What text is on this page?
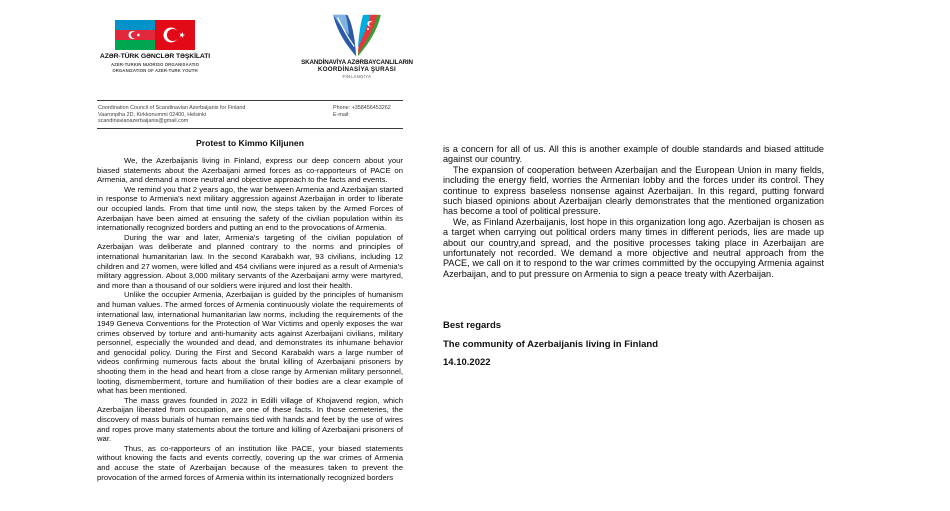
AZƏR-TÜRK GƏNCLƏR TƏŞKİLATI
AZER-TURKIN NUORISO ORGANISAATIO
ORGANIZATION OF AZER-TURK YOUTH
SKANDİNAVİYA AZƏRBAYCANLILARIN
KOORDİNASİYA ŞURASI
FİNLANDİYA
Coordination Council of Scandinavian Azerbaijanis for Finland
Vaaronpiha 2D, Kirkkonummi 02400, Helsinki
scandinavianazerbaijanis@gmail.com
Phone: +358456453262
E-mail:
Protest to Kimmo Kiljunen

We, the Azerbaijanis living in Finland, express our deep concern about your biased statements about the Azerbaijani armed forces as co-rapporteurs of PACE on Armenia, and demand a more neutral and objective approach to the facts and events.

We remind you that 2 years ago, the war between Armenia and Azerbaijan started in response to Armenia's next military aggression against Azerbaijan in order to liberate our occupied lands. From that time until now, the steps taken by the Armed Forces of Azerbaijan have been aimed at ensuring the safety of the civilian population within its internationally recognized borders and putting an end to the provocations of Armenia.

During the war and later, Armenia's targeting of the civilian population of Azerbaijan was deliberate and planned contrary to the norms and principles of international humanitarian law. In the second Karabakh war, 93 civilians, including 12 children and 27 women, were killed and 454 civilians were injured as a result of Armenia's military aggression. About 3,000 military servants of the Azerbaijani army were martyred, and more than a thousand of our soldiers were injured and lost their health.

Unlike the occupier Armenia, Azerbaijan is guided by the principles of humanism and human values. The armed forces of Armenia continuously violate the requirements of international law, international humanitarian law norms, including the requirements of the 1949 Geneva Conventions for the Protection of War Victims and openly exposes the war crimes observed by torture and anti-humanity acts against Azerbaijani civilians, military personnel, especially the wounded and dead, and demonstrates its inhumane behavior and genocidal policy. During the First and Second Karabakh wars a large number of videos confirming numerous facts about the brutal killing of Azerbaijani prisoners by shooting them in the head and heart from a close range by Armenian military personnel, looting, dismemberment, torture and humiliation of their bodies are a clear example of what has been mentioned.

The mass graves founded in 2022 in Edilli village of Khojavend region, which Azerbaijan liberated from occupation, are one of these facts. In those cemeteries, the discovery of mass burials of human remains tied with hands and feet by the use of wires and ropes prove many statements about the torture and killing of Azerbaijani prisoners of war.

Thus, as co-rapporteurs of an institution like PACE, your biased statements without knowing the facts and events correctly, covering up the war crimes of Armenia and accuse the state of Azerbaijan because of the measures taken to prevent the provocation of the armed forces of Armenia within its internationally recognized borders

is a concern for all of us. All this is another example of double standards and biased attitude against our country.

The expansion of cooperation between Azerbaijan and the European Union in many fields, including the energy field, worries the Armenian lobby and the forces under its control. They continue to express baseless nonsense against Azerbaijan. In this regard, putting forward such biased opinions about Azerbaijan clearly demonstrates that the mentioned organization has become a tool of political pressure.

We, as Finland Azerbaijanis, lost hope in this organization long ago. Azerbaijan is chosen as a target when carrying out political orders many times in different periods, lies are made up about our country,and spread, and the positive processes taking place in Azerbaijan are unfortunately not recorded. We demand a more objective and neutral approach from the PACE, we call on it to respond to the war crimes committed by the occupying Armenia against Azerbaijan, and to put pressure on Armenia to sign a peace treaty with Azerbaijan.

Best regards
The community of Azerbaijanis living in Finland
14.10.2022
